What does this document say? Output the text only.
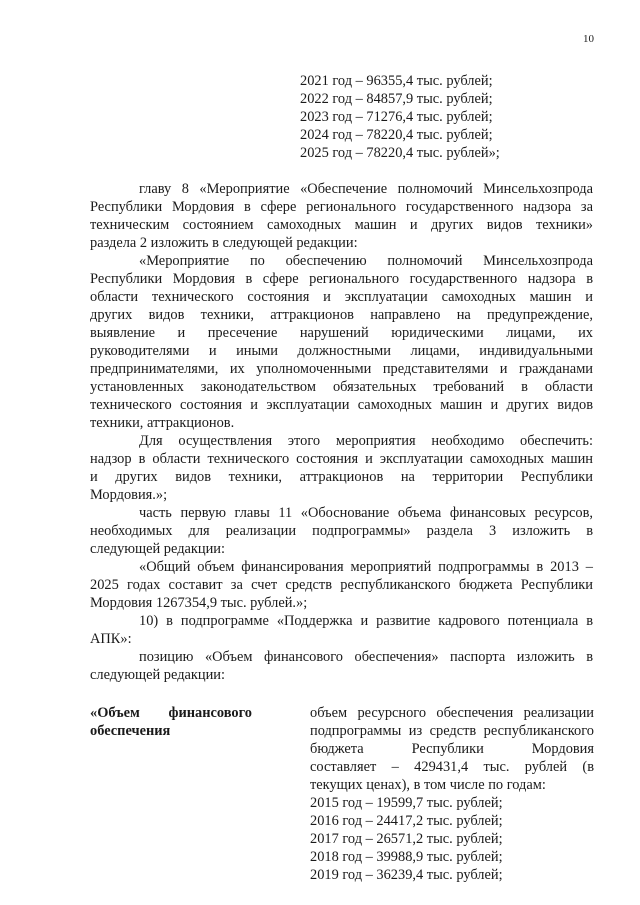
10
2021 год – 96355,4 тыс. рублей;
2022 год – 84857,9 тыс. рублей;
2023 год – 71276,4 тыс. рублей;
2024 год – 78220,4 тыс. рублей;
2025 год – 78220,4 тыс. рублей»;
главу 8 «Мероприятие «Обеспечение полномочий Минсельхозпрода
Республики Мордовия в сфере регионального государственного надзора за
техническим состоянием самоходных машин и других видов техники»
раздела 2 изложить в следующей редакции:
«Мероприятие по обеспечению полномочий Минсельхозпрода
Республики Мордовия в сфере регионального государственного надзора в
области технического состояния и эксплуатации самоходных машин и
других видов техники, аттракционов направлено на предупреждение,
выявление и пресечение нарушений юридическими лицами, их
руководителями и иными должностными лицами, индивидуальными
предпринимателями, их уполномоченными представителями и гражданами
установленных законодательством обязательных требований в области
технического состояния и эксплуатации самоходных машин и других видов
техники, аттракционов.
Для осуществления этого мероприятия необходимо обеспечить:
надзор в области технического состояния и эксплуатации самоходных машин
и других видов техники, аттракционов на территории Республики
Мордовия.»;
часть первую главы 11 «Обоснование объема финансовых ресурсов,
необходимых для реализации подпрограммы» раздела 3 изложить в
следующей редакции:
«Общий объем финансирования мероприятий подпрограммы в 2013 –
2025 годах составит за счет средств республиканского бюджета Республики
Мордовия 1267354,9 тыс. рублей.»;
10) в подпрограмме «Поддержка и развитие кадрового потенциала в
АПК»:
позицию «Объем финансового обеспечения» паспорта изложить в
следующей редакции:
«Объем финансового
обеспечения
объем ресурсного обеспечения реализации
подпрограммы из средств республиканского
бюджета Республики Мордовия
составляет – 429431,4 тыс. рублей (в
текущих ценах), в том числе по годам:
2015 год – 19599,7 тыс. рублей;
2016 год – 24417,2 тыс. рублей;
2017 год – 26571,2 тыс. рублей;
2018 год – 39988,9 тыс. рублей;
2019 год – 36239,4 тыс. рублей;
